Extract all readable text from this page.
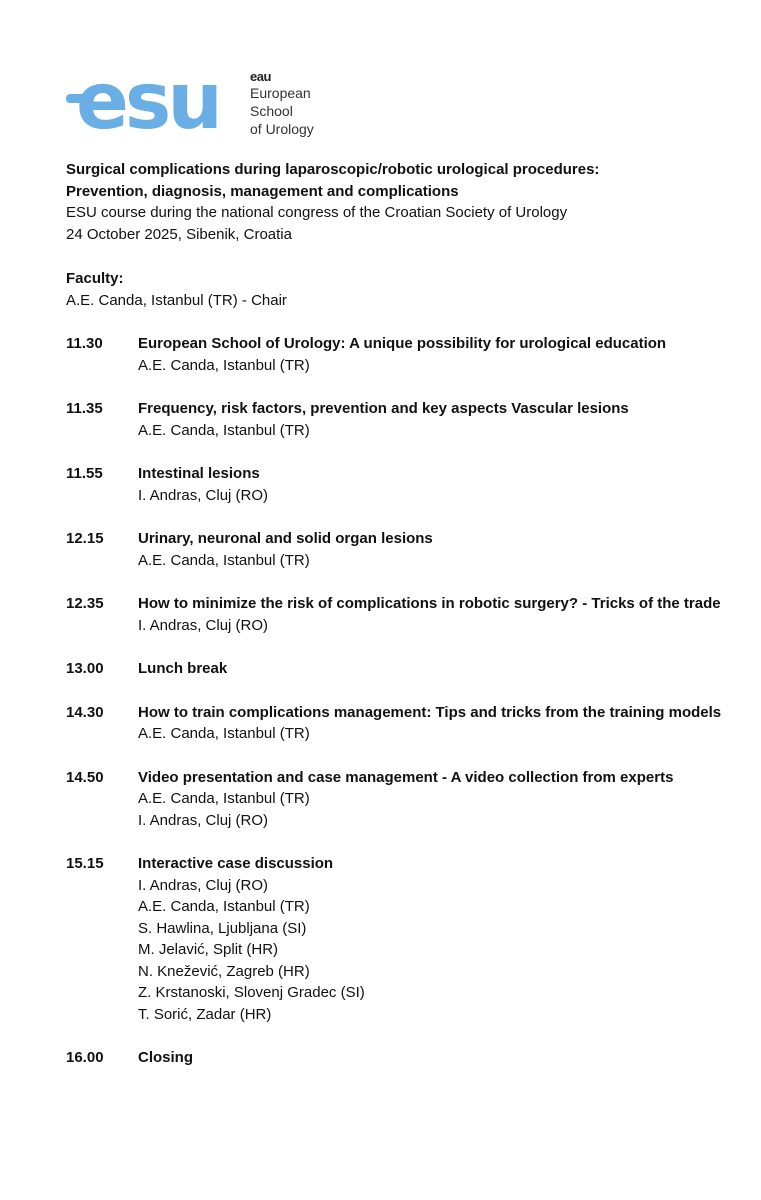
esu eau
European
School
of Urology
Surgical complications during laparoscopic/robotic urological procedures:
Prevention, diagnosis, management and complications
ESU course during the national congress of the Croatian Society of Urology
24 October 2025, Sibenik, Croatia
Faculty:
A.E. Canda, Istanbul (TR) - Chair
11.30	European School of Urology: A unique possibility for urological education
A.E. Canda, Istanbul (TR)
11.35	Frequency, risk factors, prevention and key aspects Vascular lesions
A.E. Canda, Istanbul (TR)
11.55	Intestinal lesions
I. Andras, Cluj (RO)
12.15	Urinary, neuronal and solid organ lesions
A.E. Canda, Istanbul (TR)
12.35	How to minimize the risk of complications in robotic surgery? - Tricks of the trade
I. Andras, Cluj (RO)
13.00	Lunch break
14.30	How to train complications management: Tips and tricks from the training models
A.E. Canda, Istanbul (TR)
14.50	Video presentation and case management - A video collection from experts
A.E. Canda, Istanbul (TR)
I. Andras, Cluj (RO)
15.15	Interactive case discussion
I. Andras, Cluj (RO)
A.E. Canda, Istanbul (TR)
S. Hawlina, Ljubljana (SI)
M. Jelavić, Split (HR)
N. Knežević, Zagreb (HR)
Z. Krstanoski, Slovenj Gradec (SI)
T. Sorić, Zadar (HR)
16.00	Closing
